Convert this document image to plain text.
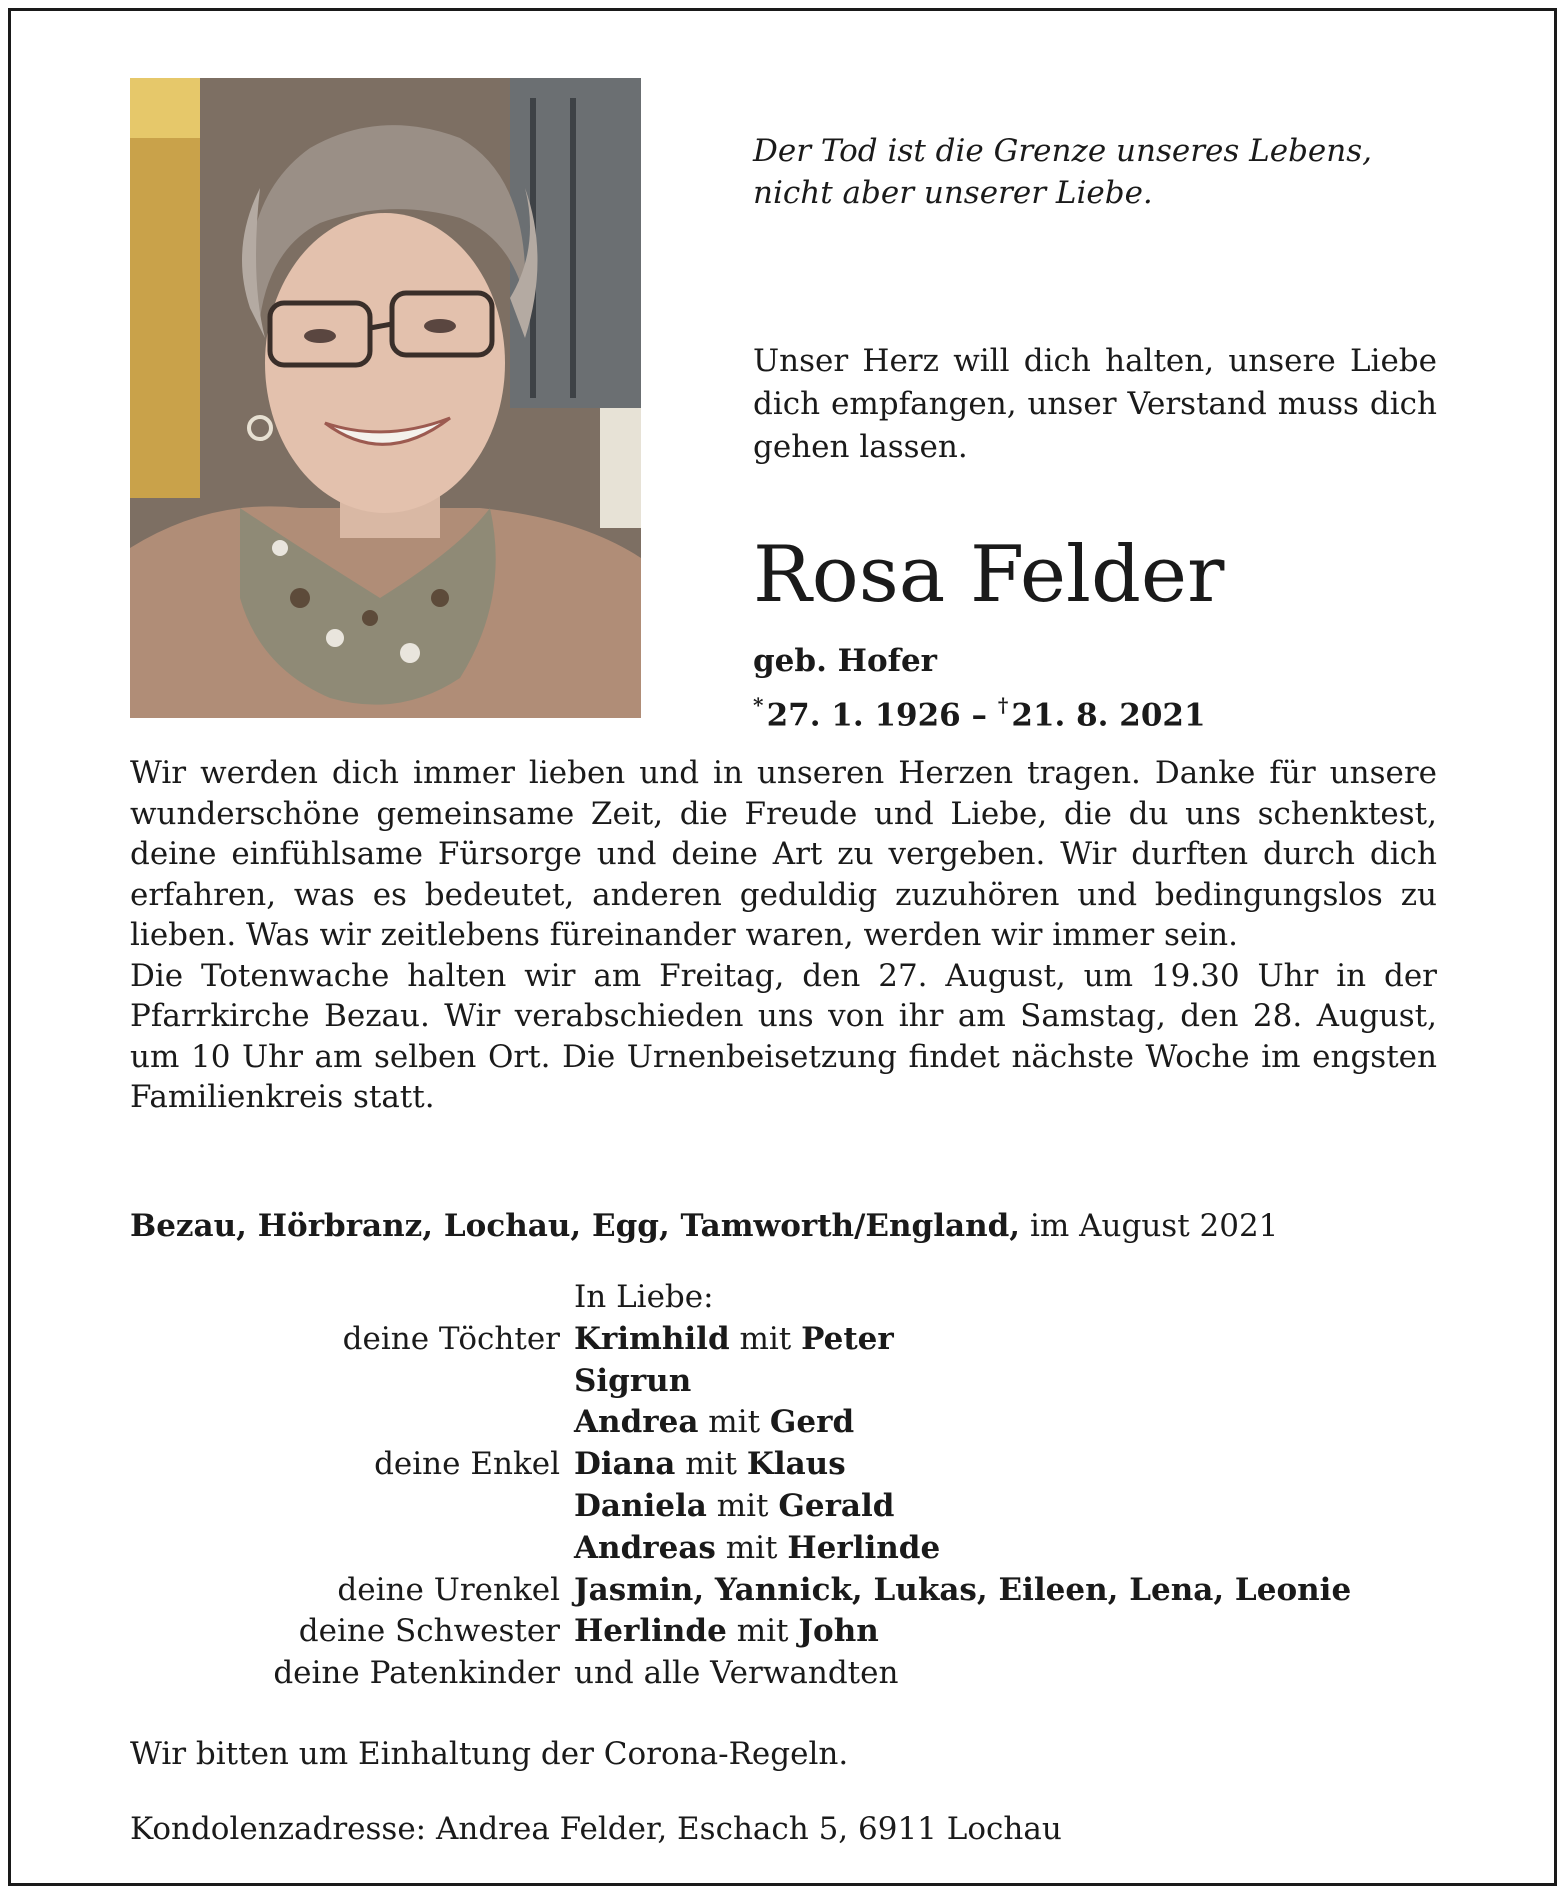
Der Tod ist die Grenze unseres Lebens,
nicht aber unserer Liebe.
Unser Herz will dich halten, unsere Liebe dich empfangen, unser Verstand muss dich gehen lassen.
Rosa Felder
geb. Hofer
* 27. 1. 1926 – † 21. 8. 2021

Wir werden dich immer lieben und in unseren Herzen tragen. Danke für unsere wunderschöne gemeinsame Zeit, die Freude und Liebe, die du uns schenktest, deine einfühlsame Fürsorge und deine Art zu vergeben. Wir durften durch dich erfahren, was es bedeutet, anderen geduldig zuzuhören und bedingungslos zu lieben. Was wir zeitlebens füreinander waren, werden wir immer sein.

Die Totenwache halten wir am Freitag, den 27. August, um 19.30 Uhr in der Pfarrkirche Bezau. Wir verabschieden uns von ihr am Samstag, den 28. August, um 10 Uhr am selben Ort. Die Urnenbeisetzung findet nächste Woche im engsten Familienkreis statt.

Bezau, Hörbranz, Lochau, Egg, Tamworth/England, im August 2021
In Liebe:
deine Töchter Krimhild mit Peter
Sigrun
Andrea mit Gerd
deine Enkel Diana mit Klaus
Daniela mit Gerald
Andreas mit Herlinde
deine Urenkel Jasmin, Yannick, Lukas, Eileen, Lena, Leonie
deine Schwester Herlinde mit John
deine Patenkinder und alle Verwandten
Wir bitten um Einhaltung der Corona-Regeln.
Kondolenzadresse: Andrea Felder, Eschach 5, 6911 Lochau
